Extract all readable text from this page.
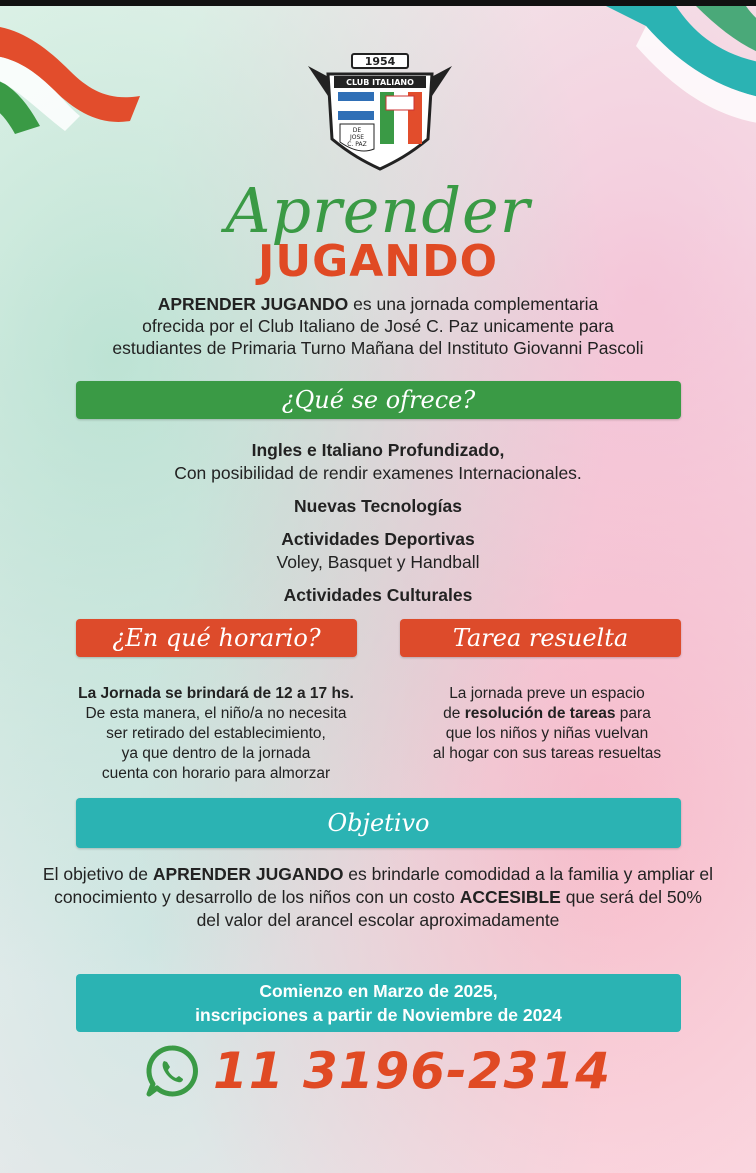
1954
CLUB ITALIANO
DE
JOSE
C. PAZ
Aprender
JUGANDO
APRENDER JUGANDO es una jornada complementaria
ofrecida por el Club Italiano de José C. Paz unicamente para
estudiantes de Primaria Turno Mañana del Instituto Giovanni Pascoli
¿Qué se ofrece?
Ingles e Italiano Profundizado,
Con posibilidad de rendir examenes Internacionales.
Nuevas Tecnologías
Actividades Deportivas
Voley, Basquet y Handball
Actividades Culturales
¿En qué horario?
La Jornada se brindará de 12 a 17 hs.
De esta manera, el niño/a no necesita
ser retirado del establecimiento,
ya que dentro de la jornada
cuenta con horario para almorzar
Tarea resuelta
La jornada preve un espacio
de resolución de tareas para
que los niños y niñas vuelvan
al hogar con sus tareas resueltas
Objetivo
El objetivo de APRENDER JUGANDO es brindarle comodidad a la familia y ampliar el conocimiento y desarrollo de los niños con un costo ACCESIBLE que será del 50% del valor del arancel escolar aproximadamente
Comienzo en Marzo de 2025,
inscripciones a partir de Noviembre de 2024
11 3196-2314
